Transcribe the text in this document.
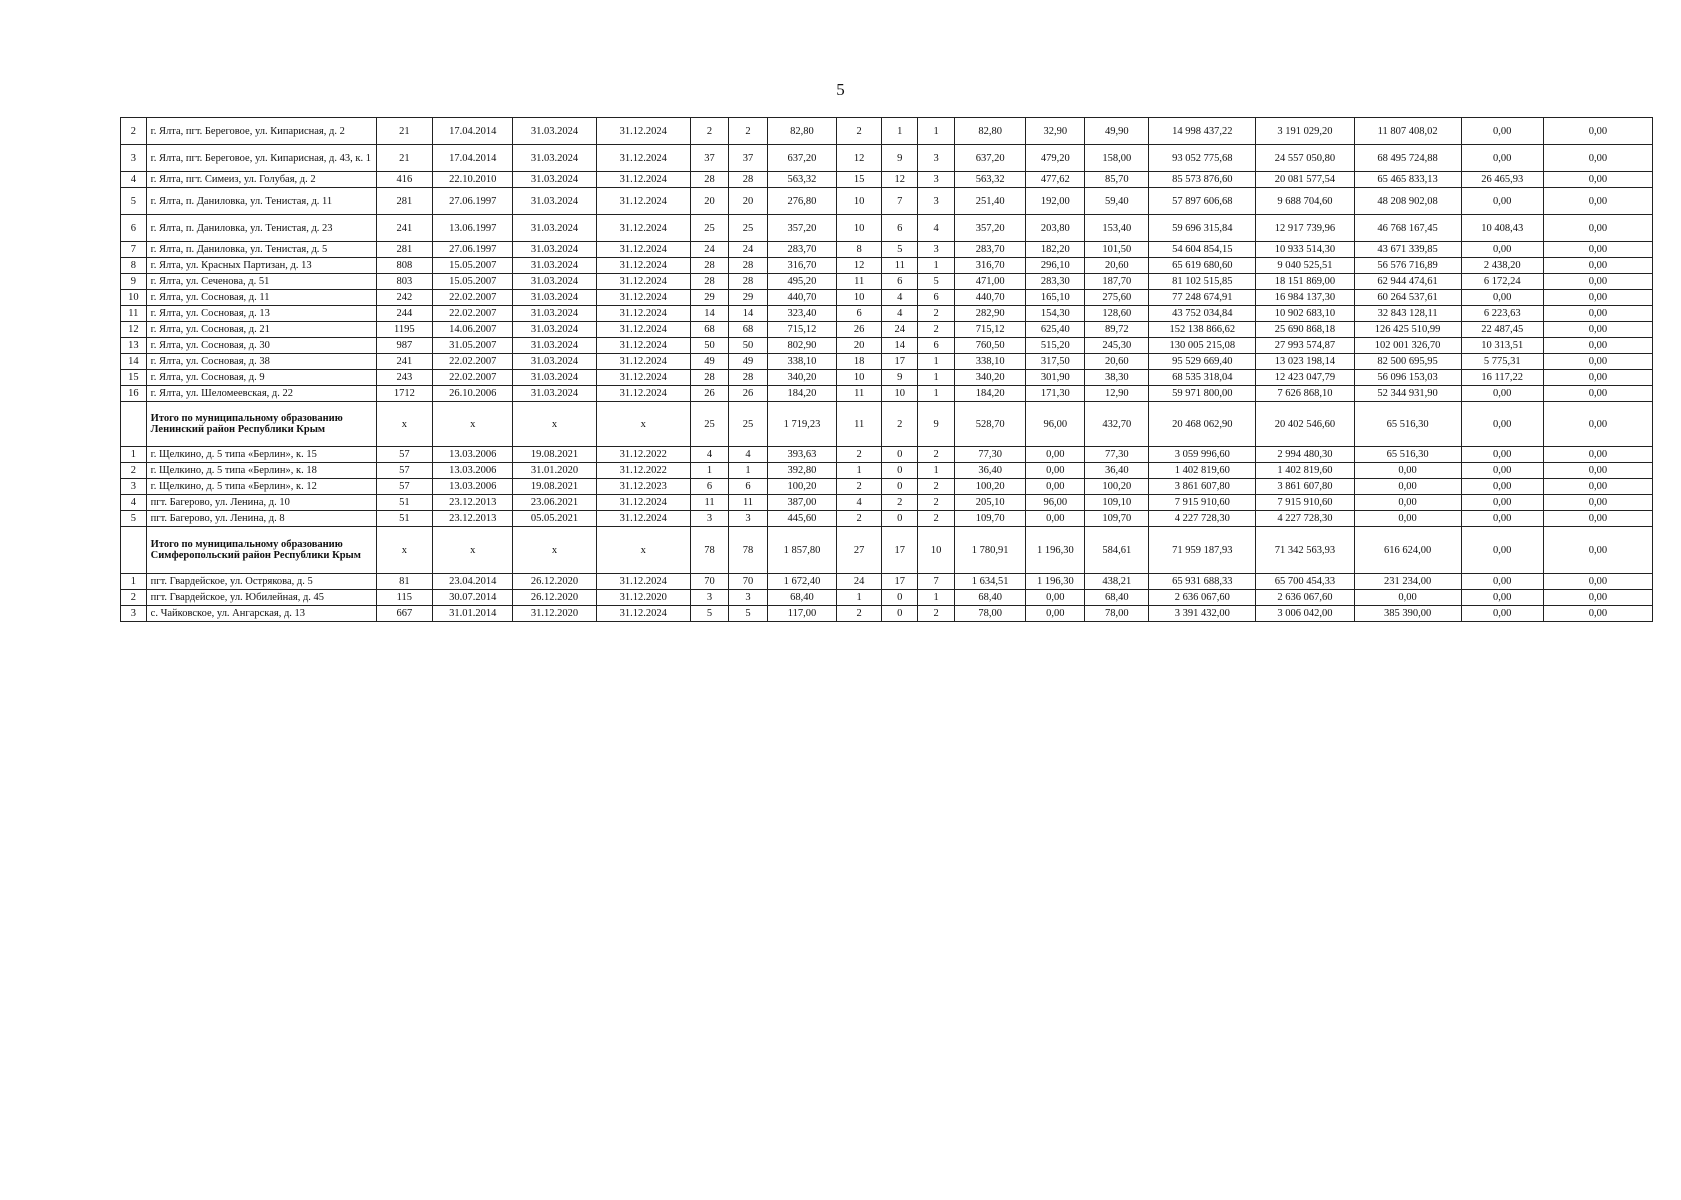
5
2	г. Ялта, пгт. Береговое, ул. Кипарисная, д. 2	21	17.04.2014	31.03.2024	31.12.2024	2	2	82,80	2	1	1	82,80	32,90	49,90	14 998 437,22	3 191 029,20	11 807 408,02	0,00	0,00
3	г. Ялта, пгт. Береговое, ул. Кипарисная, д. 43, к. 1	21	17.04.2014	31.03.2024	31.12.2024	37	37	637,20	12	9	3	637,20	479,20	158,00	93 052 775,68	24 557 050,80	68 495 724,88	0,00	0,00
4	г. Ялта, пгт. Симеиз, ул. Голубая, д. 2	416	22.10.2010	31.03.2024	31.12.2024	28	28	563,32	15	12	3	563,32	477,62	85,70	85 573 876,60	20 081 577,54	65 465 833,13	26 465,93	0,00
5	г. Ялта, п. Даниловка, ул. Тенистая, д. 11	281	27.06.1997	31.03.2024	31.12.2024	20	20	276,80	10	7	3	251,40	192,00	59,40	57 897 606,68	9 688 704,60	48 208 902,08	0,00	0,00
6	г. Ялта, п. Даниловка, ул. Тенистая, д. 23	241	13.06.1997	31.03.2024	31.12.2024	25	25	357,20	10	6	4	357,20	203,80	153,40	59 696 315,84	12 917 739,96	46 768 167,45	10 408,43	0,00
7	г. Ялта, п. Даниловка, ул. Тенистая, д. 5	281	27.06.1997	31.03.2024	31.12.2024	24	24	283,70	8	5	3	283,70	182,20	101,50	54 604 854,15	10 933 514,30	43 671 339,85	0,00	0,00
8	г. Ялта, ул. Красных Партизан, д. 13	808	15.05.2007	31.03.2024	31.12.2024	28	28	316,70	12	11	1	316,70	296,10	20,60	65 619 680,60	9 040 525,51	56 576 716,89	2 438,20	0,00
9	г. Ялта, ул. Сеченова, д. 51	803	15.05.2007	31.03.2024	31.12.2024	28	28	495,20	11	6	5	471,00	283,30	187,70	81 102 515,85	18 151 869,00	62 944 474,61	6 172,24	0,00
10	г. Ялта, ул. Сосновая, д. 11	242	22.02.2007	31.03.2024	31.12.2024	29	29	440,70	10	4	6	440,70	165,10	275,60	77 248 674,91	16 984 137,30	60 264 537,61	0,00	0,00
11	г. Ялта, ул. Сосновая, д. 13	244	22.02.2007	31.03.2024	31.12.2024	14	14	323,40	6	4	2	282,90	154,30	128,60	43 752 034,84	10 902 683,10	32 843 128,11	6 223,63	0,00
12	г. Ялта, ул. Сосновая, д. 21	1195	14.06.2007	31.03.2024	31.12.2024	68	68	715,12	26	24	2	715,12	625,40	89,72	152 138 866,62	25 690 868,18	126 425 510,99	22 487,45	0,00
13	г. Ялта, ул. Сосновая, д. 30	987	31.05.2007	31.03.2024	31.12.2024	50	50	802,90	20	14	6	760,50	515,20	245,30	130 005 215,08	27 993 574,87	102 001 326,70	10 313,51	0,00
14	г. Ялта, ул. Сосновая, д. 38	241	22.02.2007	31.03.2024	31.12.2024	49	49	338,10	18	17	1	338,10	317,50	20,60	95 529 669,40	13 023 198,14	82 500 695,95	5 775,31	0,00
15	г. Ялта, ул. Сосновая, д. 9	243	22.02.2007	31.03.2024	31.12.2024	28	28	340,20	10	9	1	340,20	301,90	38,30	68 535 318,04	12 423 047,79	56 096 153,03	16 117,22	0,00
16	г. Ялта, ул. Шеломеевская, д. 22	1712	26.10.2006	31.03.2024	31.12.2024	26	26	184,20	11	10	1	184,20	171,30	12,90	59 971 800,00	7 626 868,10	52 344 931,90	0,00	0,00
	Итого по муниципальному образованию Ленинский район Республики Крым	x	x	x	x	25	25	1 719,23	11	2	9	528,70	96,00	432,70	20 468 062,90	20 402 546,60	65 516,30	0,00	0,00
1	г. Щелкино, д. 5 типа «Берлин», к. 15	57	13.03.2006	19.08.2021	31.12.2022	4	4	393,63	2	0	2	77,30	0,00	77,30	3 059 996,60	2 994 480,30	65 516,30	0,00	0,00
2	г. Щелкино, д. 5 типа «Берлин», к. 18	57	13.03.2006	31.01.2020	31.12.2022	1	1	392,80	1	0	1	36,40	0,00	36,40	1 402 819,60	1 402 819,60	0,00	0,00	0,00
3	г. Щелкино, д. 5 типа «Берлин», к. 12	57	13.03.2006	19.08.2021	31.12.2023	6	6	100,20	2	0	2	100,20	0,00	100,20	3 861 607,80	3 861 607,80	0,00	0,00	0,00
4	пгт. Багерово, ул. Ленина, д. 10	51	23.12.2013	23.06.2021	31.12.2024	11	11	387,00	4	2	2	205,10	96,00	109,10	7 915 910,60	7 915 910,60	0,00	0,00	0,00
5	пгт. Багерово, ул. Ленина, д. 8	51	23.12.2013	05.05.2021	31.12.2024	3	3	445,60	2	0	2	109,70	0,00	109,70	4 227 728,30	4 227 728,30	0,00	0,00	0,00
	Итого по муниципальному образованию Симферопольский район Республики Крым	x	x	x	x	78	78	1 857,80	27	17	10	1 780,91	1 196,30	584,61	71 959 187,93	71 342 563,93	616 624,00	0,00	0,00
1	пгт. Гвардейское, ул. Острякова, д. 5	81	23.04.2014	26.12.2020	31.12.2024	70	70	1 672,40	24	17	7	1 634,51	1 196,30	438,21	65 931 688,33	65 700 454,33	231 234,00	0,00	0,00
2	пгт. Гвардейское, ул. Юбилейная, д. 45	115	30.07.2014	26.12.2020	31.12.2020	3	3	68,40	1	0	1	68,40	0,00	68,40	2 636 067,60	2 636 067,60	0,00	0,00	0,00
3	с. Чайковское, ул. Ангарская, д. 13	667	31.01.2014	31.12.2020	31.12.2024	5	5	117,00	2	0	2	78,00	0,00	78,00	3 391 432,00	3 006 042,00	385 390,00	0,00	0,00
